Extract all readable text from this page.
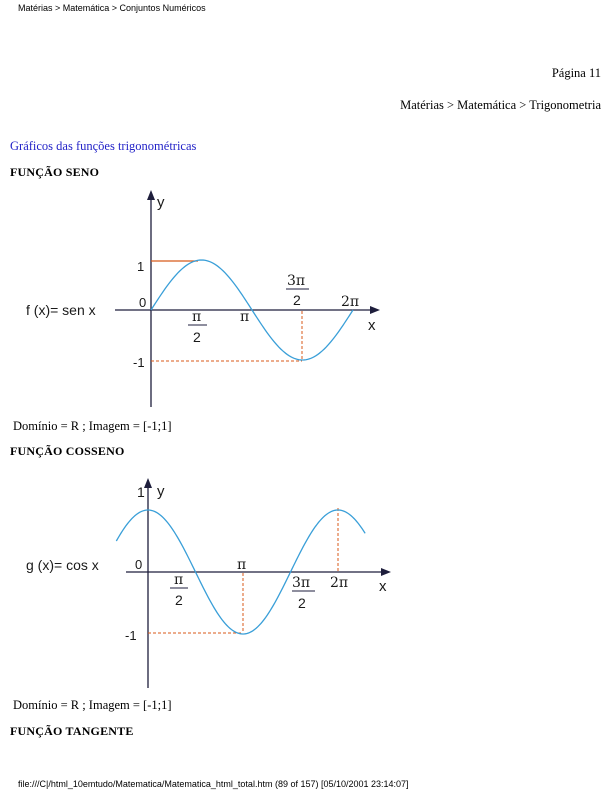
Matérias > Matemática > Conjuntos Numéricos
Página 11
Matérias > Matemática > Trigonometria
Gráficos das funções trigonométricas
FUNÇÃO SENO
y
x
f (x)= sen x	0
1
-1
π
2
π
3π
2	2π
Domínio = R ; Imagem = [-1;1]
FUNÇÃO COSSENO
1 y
x
g (x)= cos x	0
-1
π
2
π
3π
2
2π
Domínio = R ; Imagem = [-1;1]
FUNÇÃO TANGENTE
file:///C|/html_10emtudo/Matematica/Matematica_html_total.htm (89 of 157) [05/10/2001 23:14:07]
